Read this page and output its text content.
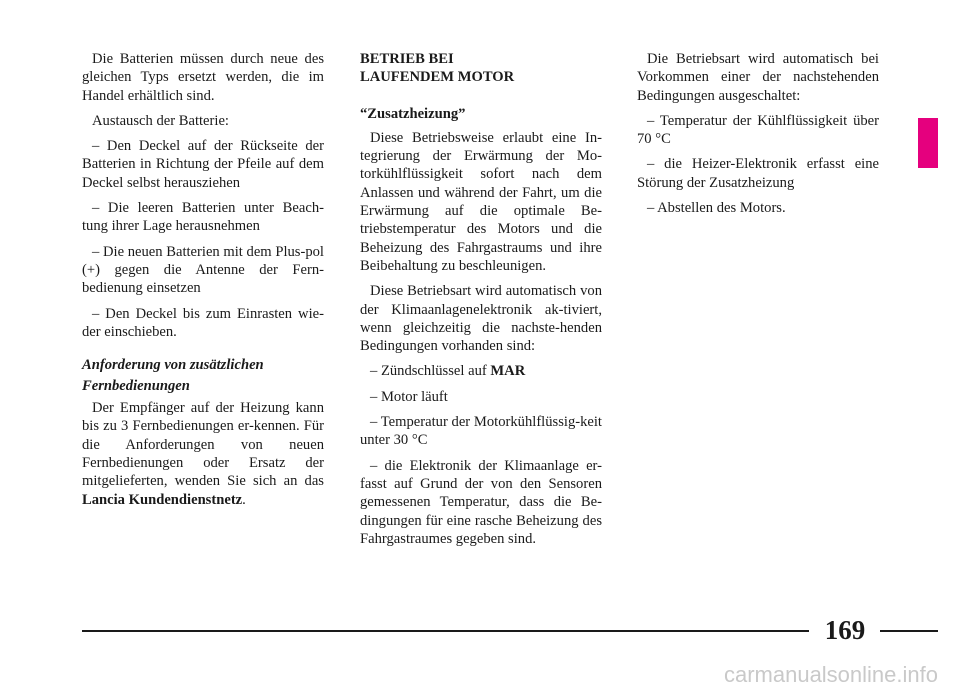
Die Batterien müssen durch neue des gleichen Typs ersetzt werden, die im Handel erhältlich sind.

Austausch der Batterie:

– Den Deckel auf der Rückseite der Batterien in Richtung der Pfeile auf dem Deckel selbst herausziehen

– Die leeren Batterien unter Beach-tung ihrer Lage herausnehmen

– Die neuen Batterien mit dem Plus-pol (+) gegen die Antenne der Fern-bedienung einsetzen

– Den Deckel bis zum Einrasten wie-der einschieben.

Anforderung von zusätzlichen
Fernbedienungen

Der Empfänger auf der Heizung kann bis zu 3 Fernbedienungen er-kennen. Für die Anforderungen von neuen Fernbedienungen oder Ersatz der mitgelieferten, wenden Sie sich an das Lancia Kundendienstnetz.

BETRIEB BEI
LAUFENDEM MOTOR
“Zusatzheizung”

Diese Betriebsweise erlaubt eine In-tegrierung der Erwärmung der Mo-torkühlflüssigkeit sofort nach dem Anlassen und während der Fahrt, um die Erwärmung auf die optimale Be-triebstemperatur des Motors und die Beheizung des Fahrgastraums und ihre Beibehaltung zu beschleunigen.

Diese Betriebsart wird automatisch von der Klimaanlagenelektronik ak-tiviert, wenn gleichzeitig die nachste-henden Bedingungen vorhanden sind:

– Zündschlüssel auf MAR

– Motor läuft

– Temperatur der Motorkühlflüssig-keit unter 30 °C

– die Elektronik der Klimaanlage er-fasst auf Grund der von den Sensoren gemessenen Temperatur, dass die Be-dingungen für eine rasche Beheizung des Fahrgastraumes gegeben sind.

Die Betriebsart wird automatisch bei Vorkommen einer der nachstehenden Bedingungen ausgeschaltet:

– Temperatur der Kühlflüssigkeit über 70 °C

– die Heizer-Elektronik erfasst eine Störung der Zusatzheizung

– Abstellen des Motors.

169
carmanualsonline.info
